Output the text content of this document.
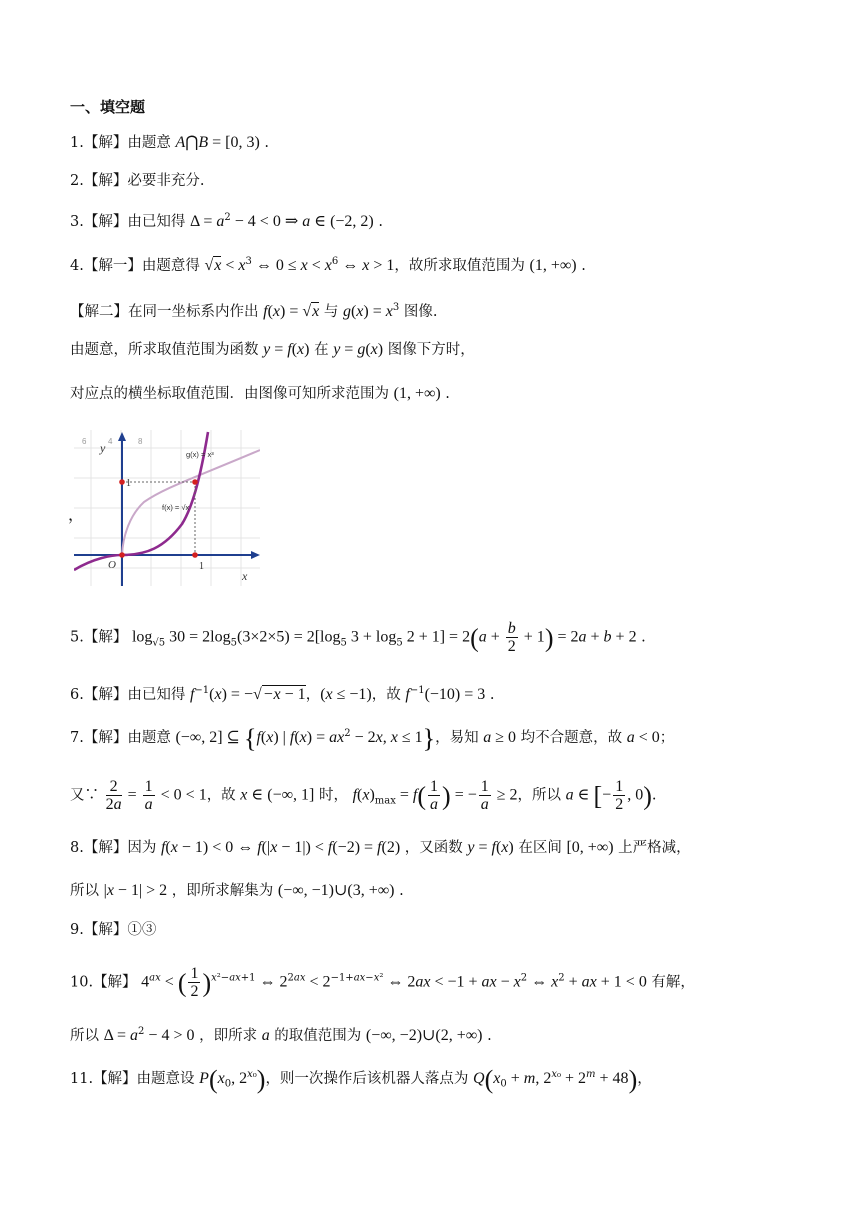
一、填空题
1.【解】由题意 A⋂B = [0, 3) .
2.【解】必要非充分.
3.【解】由已知得 $\Delta = a^2 - 4 < 0$ ⇒ a ∈ (−2, 2) .
4.【解一】由题意得 $√x < x^3$ ⇔ $0 \le x < x^6$ ⇔ x > 1，故所求取值范围为 (1, +∞) .
【解二】在同一坐标系内作出 f(x) = √x 与 $g(x) = x^3$ 图像.
由题意，所求取值范围为函数 y = f(x) 在 y = g(x) 图像下方时，
对应点的横坐标取值范围．由图像可知所求范围为 (1, +∞) .
，
6	4	8
y
x
O	1
1
g(x) = x³
f(x) = √x
5.【解】 $\log_{√5} 30 = 2\log_5(3\times 2\times 5) = 2[\log_5$ $3 + \log_5 2 + 1] = 2(a + \frac{b}{2} + 1) = 2a + b + 2$ .
6.【解】由已知得 $f^{-1}(x) = -√-x - 1$，(x ≤ −1)，故 $f^{-1}(-10) = 3$ .
7.【解】由题意 (−∞, 2] ⊆ {f(x) | $f(x) = ax^2 - 2x$, x ≤ 1}，易知 a ≥ 0 均不合题意，故 a < 0；
又∵ $\frac{2}{2a} = \frac{1}{a} < 0 < 1$，故 x ∈ (−∞, 1] 时， $f(x)_{max} = f( \frac{1}{a}$ ) = − $\frac{1}{a} \ge 2$，所以 a ∈ [− $\frac{1}{2}$ , 0).
8.【解】因为 f(x − 1) < 0 ⇔ f(|x − 1|) < f(−2) = f(2) ，又函数 y = f(x) 在区间 [0, +∞) 上严格减，
所以 |x − 1| > 2 ，即所求解集为 (−∞, −1)∪(3, +∞) .
9.【解】①③
10.【解】 $4^{ax}$ < ( $\frac{1}{2} )^{x^2-ax+1}$ ⇔ $2^{2ax} < 2^{-1+ax-x^2}$ ⇔ 2ax < −1 + ax − $x^2$ ⇔ $x^2$ + ax + 1 < 0 有解，
所以 $\Delta = a^2 - 4 > 0$ ，即所求 a 的取值范围为 (−∞, −2)∪(2, +∞) .
11.【解】由题意设 $P(x_0$, $2^{x_0}$)，则一次操作后该机器人落点为 $Q(x_0 + m$, $2^{x_0} + 2^m + 48$)，
